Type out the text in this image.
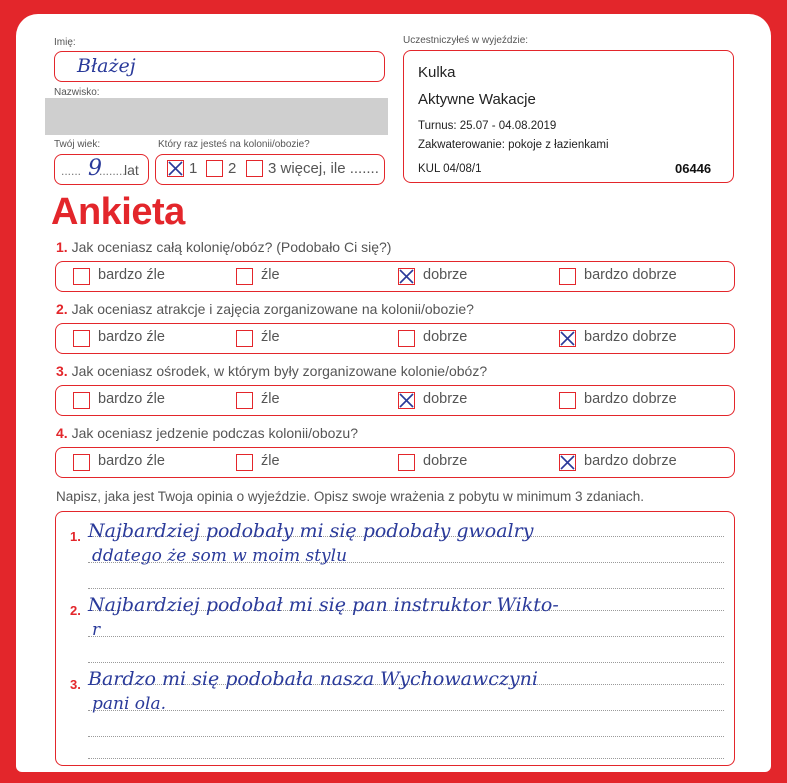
Imię:
Błażej
Nazwisko:
Twój wiek:
...... 9
........
lat
Który raz jesteś na kolonii/obozie?
1 2 3 więcej, ile .......
Uczestniczyłeś w wyjeździe:
Kulka
Aktywne Wakacje
Turnus: 25.07 - 04.08.2019
Zakwaterowanie: pokoje z łazienkami
KUL 04/08/1	06446
Ankieta
1. Jak oceniasz całą kolonię/obóz? (Podobało Ci się?)
bardzo źle	źle	dobrze	bardzo dobrze
2. Jak oceniasz atrakcje i zajęcia zorganizowane na kolonii/obozie?
bardzo źle	źle	dobrze	bardzo dobrze
3. Jak oceniasz ośrodek, w którym były zorganizowane kolonie/obóz?
bardzo źle	źle	dobrze	bardzo dobrze
4. Jak oceniasz jedzenie podczas kolonii/obozu?
bardzo źle	źle	dobrze	bardzo dobrze
Napisz, jaka jest Twoja opinia o wyjeździe. Opisz swoje wrażenia z pobytu w minimum 3 zdaniach.
1. Najbardziej podobały mi się podobały gwoalry
ddatego że som w moim stylu
2. Najbardziej podobał mi się pan instruktor Wikto-
r
3. Bardzo mi się podobała nasza Wychowawczyni
pani ola.
